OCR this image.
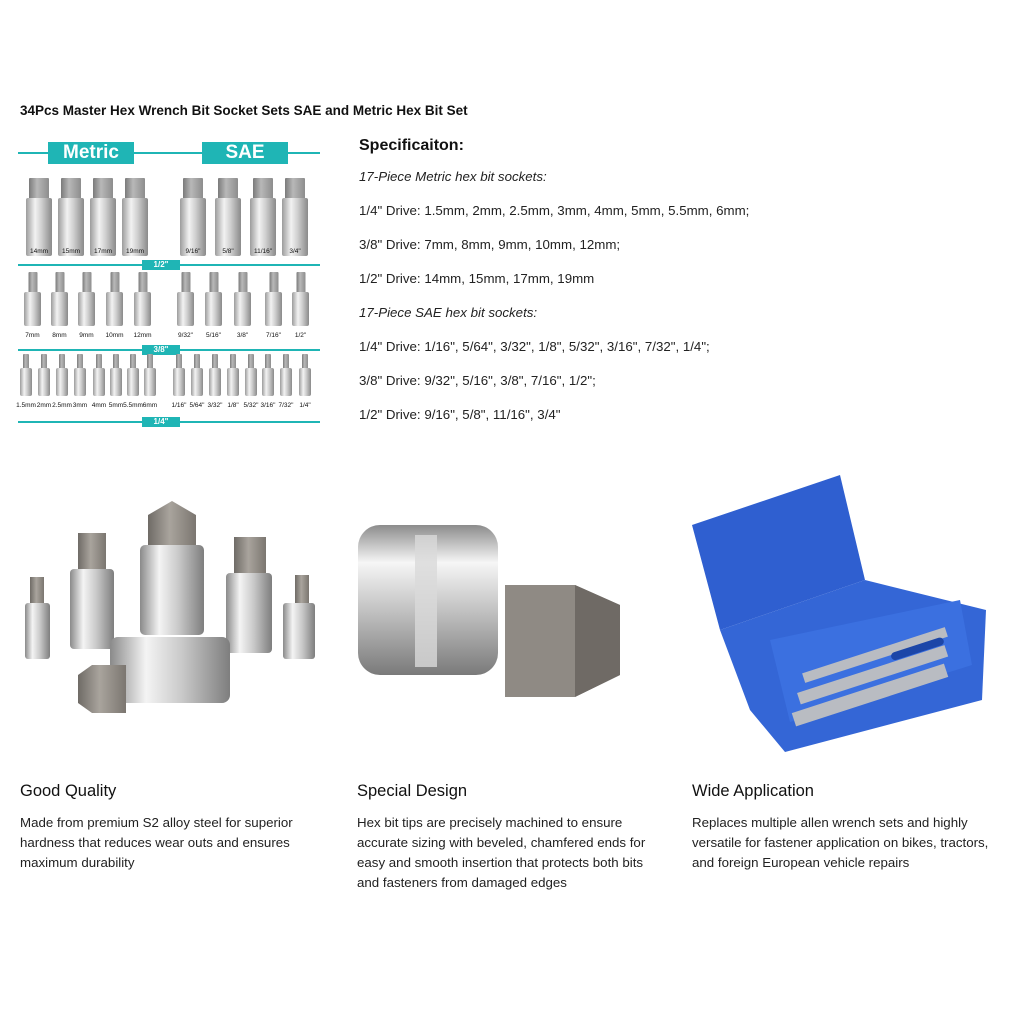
34Pcs Master Hex Wrench Bit Socket Sets SAE and Metric Hex Bit Set
Metric	SAE
1/2"
3/8"
1/4"
14mm	15mm	17mm	19mm	9/16"	5/8"	11/16"	3/4"
7mm	8mm	9mm	10mm	12mm	9/32"	5/16"	3/8"	7/16"	1/2"
1.5mm 2mm 2.5mm 3mm 4mm 5mm 5.5mm 6mm	1/16" 5/64" 3/32" 1/8" 5/32" 3/16" 7/32" 1/4"
Specificaiton:
17-Piece Metric hex bit sockets:
1/4" Drive: 1.5mm, 2mm, 2.5mm, 3mm, 4mm, 5mm, 5.5mm, 6mm;
3/8" Drive: 7mm, 8mm, 9mm, 10mm, 12mm;
1/2" Drive: 14mm, 15mm, 17mm, 19mm
17-Piece SAE hex bit sockets:
1/4" Drive: 1/16", 5/64", 3/32", 1/8", 5/32", 3/16", 7/32", 1/4";
3/8" Drive: 9/32", 5/16", 3/8", 7/16", 1/2";
1/2" Drive: 9/16", 5/8", 11/16", 3/4"
Good Quality

Made from premium S2 alloy steel for superior hardness that reduces wear outs and ensures maximum durability

Special Design

Hex bit tips are precisely machined to ensure accurate sizing with beveled, chamfered ends for easy and smooth insertion that protects both bits and fasteners from damaged edges

Wide Application

Replaces multiple allen wrench sets and highly versatile for fastener application on bikes, tractors, and foreign European vehicle repairs
